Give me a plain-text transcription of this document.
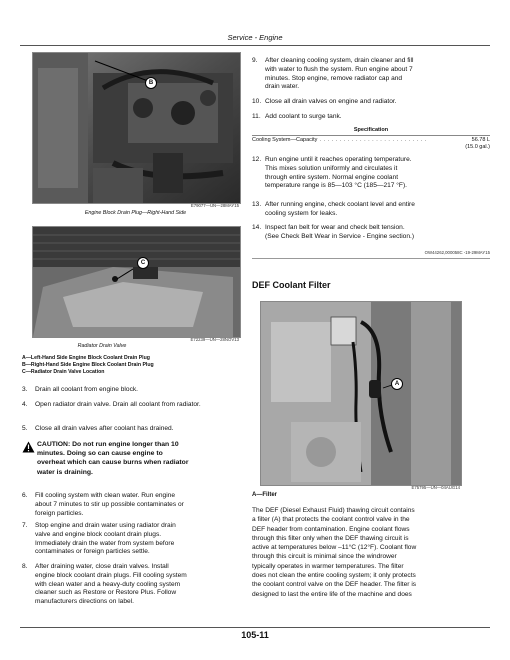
Service - Engine
B
E79077—UN—28MAY15
Engine Block Drain Plug—Right-Hand Side
C
E72239—UN—28NOV13
Radiator Drain Valve
A—Left-Hand Side Engine Block Coolant Drain Plug
B—Right-Hand Side Engine Block Coolant Drain Plug
C—Radiator Drain Valve Location
3. Drain all coolant from engine block.
4. Open radiator drain valve. Drain all coolant from radiator.
5. Close all drain valves after coolant has drained.
CAUTION: Do not run engine longer than 10
minutes. Doing so can cause engine to
overheat which can cause burns when radiator
water is draining.
6. Fill cooling system with clean water. Run engine
about 7 minutes to stir up possible contaminates or
foreign particles.
7. Stop engine and drain water using radiator drain
valve and engine block coolant drain plugs.
Immediately drain the water from system before
contaminates or foreign particles settle.
8. After draining water, close drain valves. Install
engine block coolant drain plugs. Fill cooling system
with clean water and a heavy-duty cooling system
cleaner such as Restore or Restore Plus. Follow
manufacturers directions on label.
9. After cleaning cooling system, drain cleaner and fill
with water to flush the system. Run engine about 7
minutes. Stop engine, remove radiator cap and
drain water.
10. Close all drain valves on engine and radiator.
11. Add coolant to surge tank.
Specification
Cooling System—Capacity . . . . . . . . . . . . . . . . . . . . . . . . . . .	56.78 L
(15.0 gal.)
12. Run engine until it reaches operating temperature.
This mixes solution uniformly and circulates it
through entire system. Normal engine coolant
temperature range is 85—103 °C (185—217 °F).
13. After running engine, check coolant level and entire
cooling system for leaks.
14. Inspect fan belt for wear and check belt tension.
(See Check Belt Wear in Service - Engine section.)
OW44262,000058C -19-29MAY15
DEF Coolant Filter
A
E75795—UN—04AUG14
A—Filter
The DEF (Diesel Exhaust Fluid) thawing circuit contains
a filter (A) that protects the coolant control valve in the
DEF header from contamination. Engine coolant flows
through this filter only when the DEF thawing circuit is
active at temperatures below –11°C (12°F). Coolant flow
through this circuit is minimal since the windrower
typically operates in warmer temperatures. The filter
does not clean the entire cooling system; it only protects
the coolant control valve on the DEF header. The filter is
designed to last the entire life of the machine and does
105-11
